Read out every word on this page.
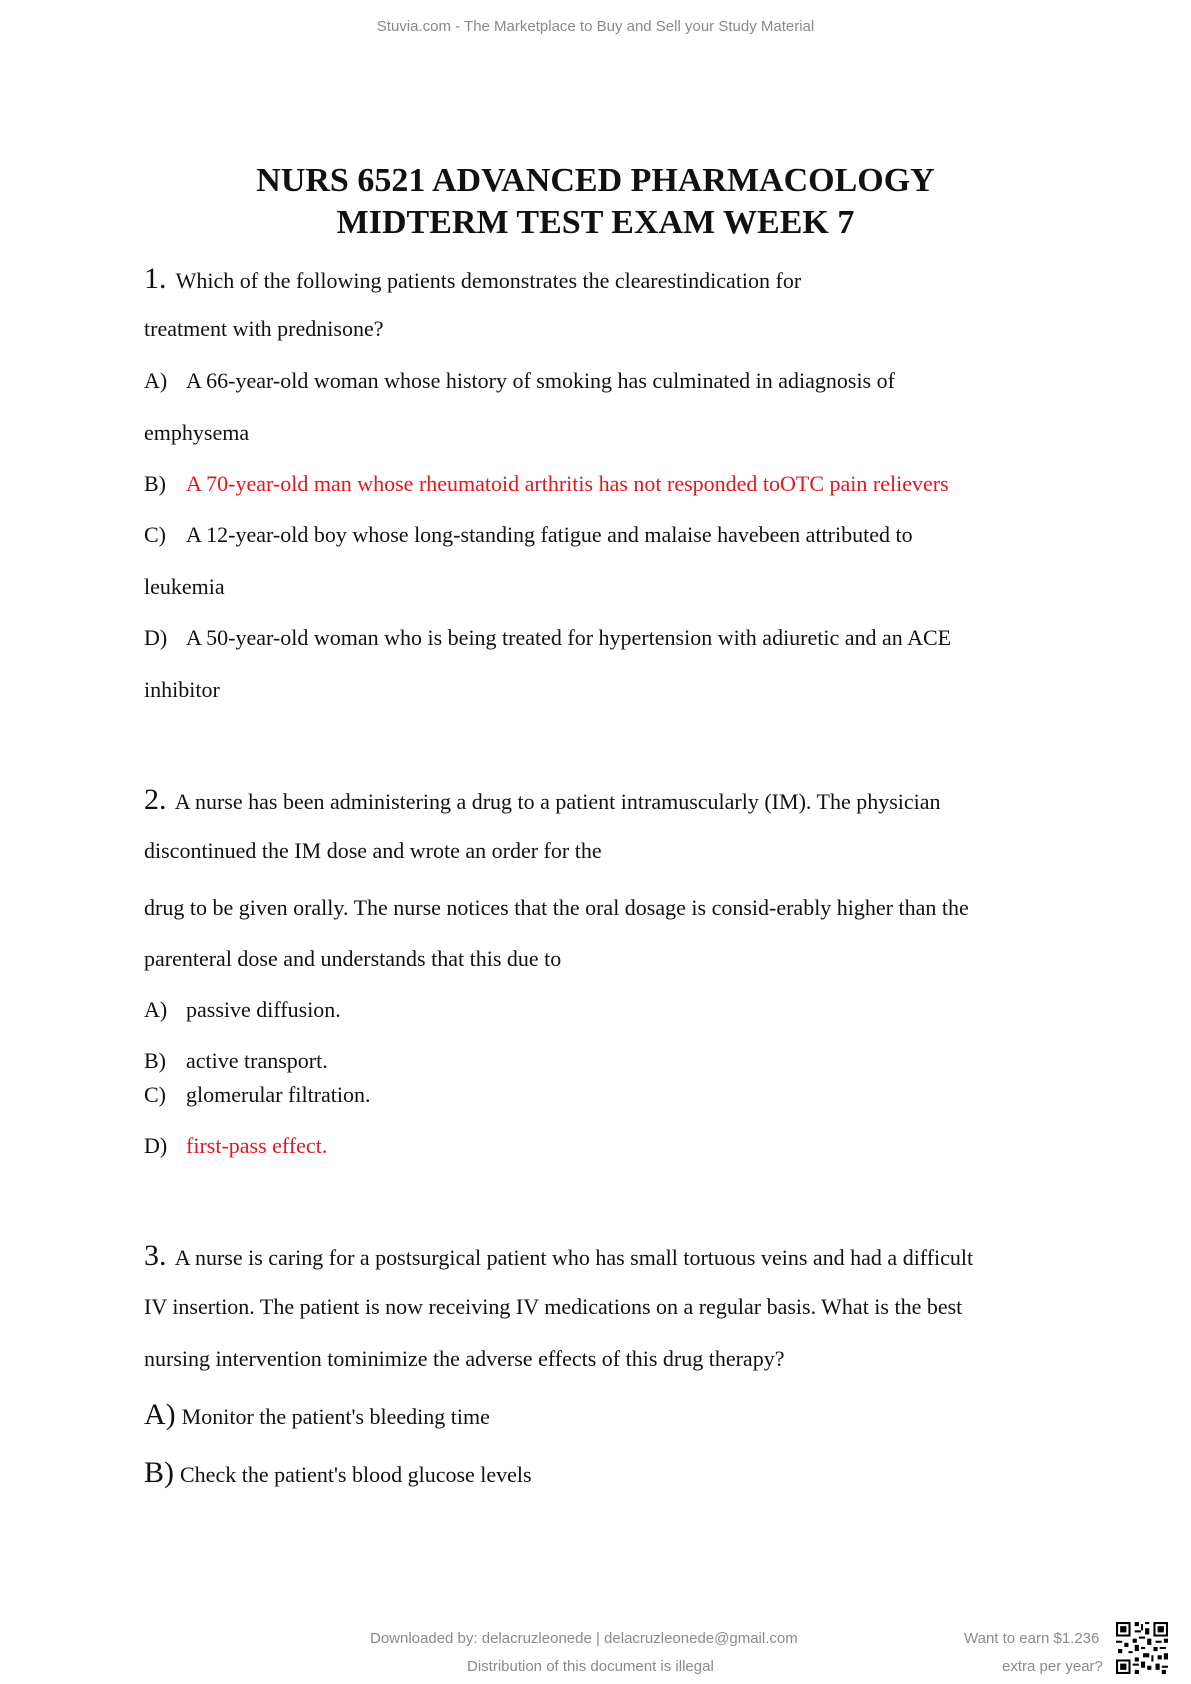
Stuvia.com - The Marketplace to Buy and Sell your Study Material
NURS 6521 ADVANCED PHARMACOLOGY
MIDTERM TEST EXAM WEEK 7
1. Which of the following patients demonstrates the clearestindication for
treatment with prednisone?
A) A 66-year-old woman whose history of smoking has culminated in adiagnosis of
emphysema
B) A 70-year-old man whose rheumatoid arthritis has not responded toOTC pain relievers
C) A 12-year-old boy whose long-standing fatigue and malaise havebeen attributed to
leukemia
D) A 50-year-old woman who is being treated for hypertension with adiuretic and an ACE
inhibitor
2. A nurse has been administering a drug to a patient intramuscularly (IM). The physician
discontinued the IM dose and wrote an order for the
drug to be given orally. The nurse notices that the oral dosage is consid-erably higher than the
parenteral dose and understands that this due to
A) passive diffusion.
B) active transport.
C) glomerular filtration.
D) first-pass effect.
3. A nurse is caring for a postsurgical patient who has small tortuous veins and had a difficult
IV insertion. The patient is now receiving IV medications on a regular basis. What is the best
nursing intervention tominimize the adverse effects of this drug therapy?
A) Monitor the patient's bleeding time
B) Check the patient's blood glucose levels
Downloaded by: delacruzleonede | delacruzleonede@gmail.com
Distribution of this document is illegal
Want to earn $1.236
extra per year?
